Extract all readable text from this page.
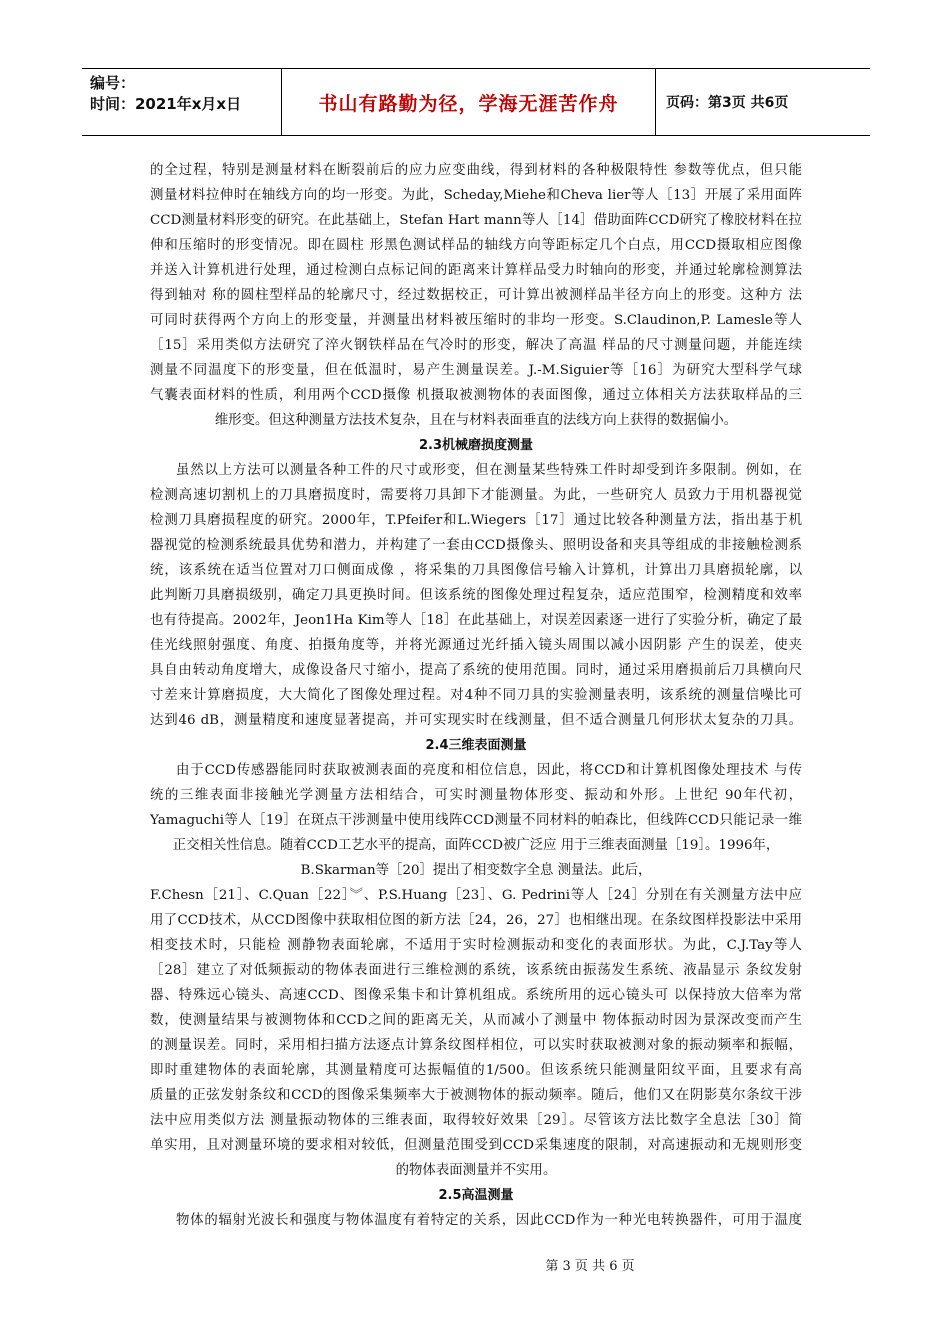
编号：
时间：2021年x月x日	书山有路勤为径，学海无涯苦作舟	页码：第3页 共6页
的全过程，特别是测量材料在断裂前后的应力应变曲线，得到材料的各种极限特性 参数等优点，但只能
测量材料拉伸时在轴线方向的均一形变。为此，Scheday,Miehe和Cheva lier等人［13］开展了采用面阵
CCD测量材料形变的研究。在此基础上，Stefan Hart mann等人［14］借助面阵CCD研究了橡胶材料在拉
伸和压缩时的形变情况。即在圆柱 形黑色测试样品的轴线方向等距标定几个白点，用CCD摄取相应图像
并送入计算机进行处理，通过检测白点标记间的距离来计算样品受力时轴向的形变，并通过轮廓检测算法
得到轴对 称的圆柱型样品的轮廓尺寸，经过数据校正，可计算出被测样品半径方向上的形变。这种方 法
可同时获得两个方向上的形变量，并测量出材料被压缩时的非均一形变。S.Claudinon,P. Lamesle等人
［15］采用类似方法研究了淬火钢铁样品在气冷时的形变，解决了高温 样品的尺寸测量问题，并能连续
测量不同温度下的形变量，但在低温时，易产生测量误差。J.-M.Siguier等［16］为研究大型科学气球
气囊表面材料的性质，利用两个CCD摄像 机摄取被测物体的表面图像，通过立体相关方法获取样品的三
维形变。但这种测量方法技术复杂，且在与材料表面垂直的法线方向上获得的数据偏小。
2.3机械磨损度测量
虽然以上方法可以测量各种工件的尺寸或形变，但在测量某些特殊工件时却受到许多限制。例如，在
检测高速切割机上的刀具磨损度时，需要将刀具卸下才能测量。为此，一些研究人 员致力于用机器视觉
检测刀具磨损程度的研究。2000年，T.Pfeifer和L.Wiegers［17］通过比较各种测量方法，指出基于机
器视觉的检测系统最具优势和潜力，并构建了一套由CCD摄像头、照明设备和夹具等组成的非接触检测系
统，该系统在适当位置对刀口侧面成像 ，将采集的刀具图像信号输入计算机，计算出刀具磨损轮廓，以
此判断刀具磨损级别，确定刀具更换时间。但该系统的图像处理过程复杂，适应范围窄，检测精度和效率
也有待提高。2002年，Jeon1Ha Kim等人［18］在此基础上，对误差因素逐一进行了实验分析，确定了最
佳光线照射强度、角度、拍摄角度等，并将光源通过光纤插入镜头周围以减小因阴影 产生的误差，使夹
具自由转动角度增大，成像设备尺寸缩小，提高了系统的使用范围。同时，通过采用磨损前后刀具横向尺
寸差来计算磨损度，大大简化了图像处理过程。对4种不同刀具的实验测量表明，该系统的测量信噪比可
达到46 dB，测量精度和速度显著提高，并可实现实时在线测量，但不适合测量几何形状太复杂的刀具。
2.4三维表面测量
由于CCD传感器能同时获取被测表面的亮度和相位信息，因此，将CCD和计算机图像处理技术 与传
统的三维表面非接触光学测量方法相结合，可实时测量物体形变、振动和外形。上世纪 90年代初，
Yamaguchi等人［19］在斑点干涉测量中使用线阵CCD测量不同材料的帕森比，但线阵CCD只能记录一维
正交相关性信息。随着CCD工艺水平的提高，面阵CCD被广泛应 用于三维表面测量［19］。1996年，
B.Skarman等［20］提出了相变数字全息 测量法。此后，
F.Chesn［21］、C.Quan［22］︾、P.S.Huang［23］、G. Pedrini等人［24］分别在有关测量方法中应
用了CCD技术，从CCD图像中获取相位图的新方法［24，26，27］也相继出现。在条纹图样投影法中采用
相变技术时，只能检 测静物表面轮廓，不适用于实时检测振动和变化的表面形状。为此，C.J.Tay等人
［28］建立了对低频振动的物体表面进行三维检测的系统，该系统由振荡发生系统、液晶显示 条纹发射
器、特殊远心镜头、高速CCD、图像采集卡和计算机组成。系统所用的远心镜头可 以保持放大倍率为常
数，使测量结果与被测物体和CCD之间的距离无关，从而减小了测量中 物体振动时因为景深改变而产生
的测量误差。同时，采用相扫描方法逐点计算条纹图样相位，可以实时获取被测对象的振动频率和振幅，
即时重建物体的表面轮廓，其测量精度可达振幅值的1/500。但该系统只能测量阳纹平面，且要求有高
质量的正弦发射条纹和CCD的图像采集频率大于被测物体的振动频率。随后，他们又在阴影莫尔条纹干涉
法中应用类似方法 测量振动物体的三维表面，取得较好效果［29］。尽管该方法比数字全息法［30］简
单实用，且对测量环境的要求相对较低，但测量范围受到CCD采集速度的限制，对高速振动和无规则形变
的物体表面测量并不实用。
2.5高温测量
物体的辐射光波长和强度与物体温度有着特定的关系，因此CCD作为一种光电转换器件，可用于温度
第 3 页 共 6 页
